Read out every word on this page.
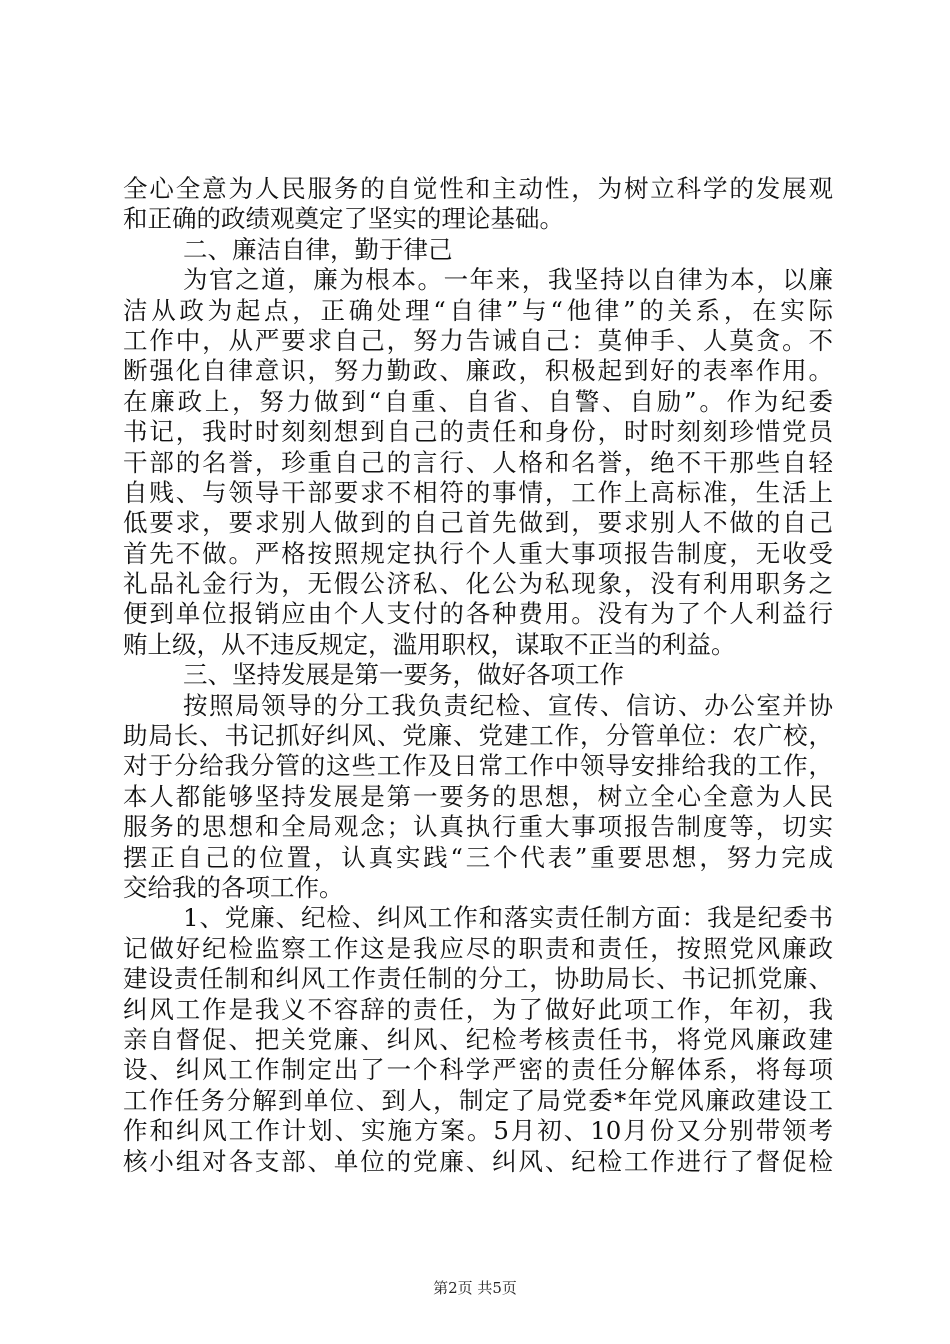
全心全意为人民服务的自觉性和主动性，为树立科学的发展观
和正确的政绩观奠定了坚实的理论基础。
二、廉洁自律，勤于律己
为官之道，廉为根本。一年来，我坚持以自律为本，以廉
洁从政为起点，正确处理“自律”与“他律”的关系，在实际
工作中，从严要求自己，努力告诫自己：莫伸手、人莫贪。不
断强化自律意识，努力勤政、廉政，积极起到好的表率作用。
在廉政上，努力做到“自重、自省、自警、自励”。作为纪委
书记，我时时刻刻想到自己的责任和身份，时时刻刻珍惜党员
干部的名誉，珍重自己的言行、人格和名誉，绝不干那些自轻
自贱、与领导干部要求不相符的事情，工作上高标准，生活上
低要求，要求别人做到的自己首先做到，要求别人不做的自己
首先不做。严格按照规定执行个人重大事项报告制度，无收受
礼品礼金行为，无假公济私、化公为私现象，没有利用职务之
便到单位报销应由个人支付的各种费用。没有为了个人利益行
贿上级，从不违反规定，滥用职权，谋取不正当的利益。
三、坚持发展是第一要务，做好各项工作
按照局领导的分工我负责纪检、宣传、信访、办公室并协
助局长、书记抓好纠风、党廉、党建工作，分管单位：农广校，
对于分给我分管的这些工作及日常工作中领导安排给我的工作，
本人都能够坚持发展是第一要务的思想，树立全心全意为人民
服务的思想和全局观念；认真执行重大事项报告制度等，切实
摆正自己的位置，认真实践“三个代表”重要思想，努力完成
交给我的各项工作。
1、党廉、纪检、纠风工作和落实责任制方面：我是纪委书
记做好纪检监察工作这是我应尽的职责和责任，按照党风廉政
建设责任制和纠风工作责任制的分工，协助局长、书记抓党廉、
纠风工作是我义不容辞的责任，为了做好此项工作，年初，我
亲自督促、把关党廉、纠风、纪检考核责任书，将党风廉政建
设、纠风工作制定出了一个科学严密的责任分解体系，将每项
工作任务分解到单位、到人，制定了局党委*年党风廉政建设工
作和纠风工作计划、实施方案。5月初、10月份又分别带领考
核小组对各支部、单位的党廉、纠风、纪检工作进行了督促检
第2页 共5页
